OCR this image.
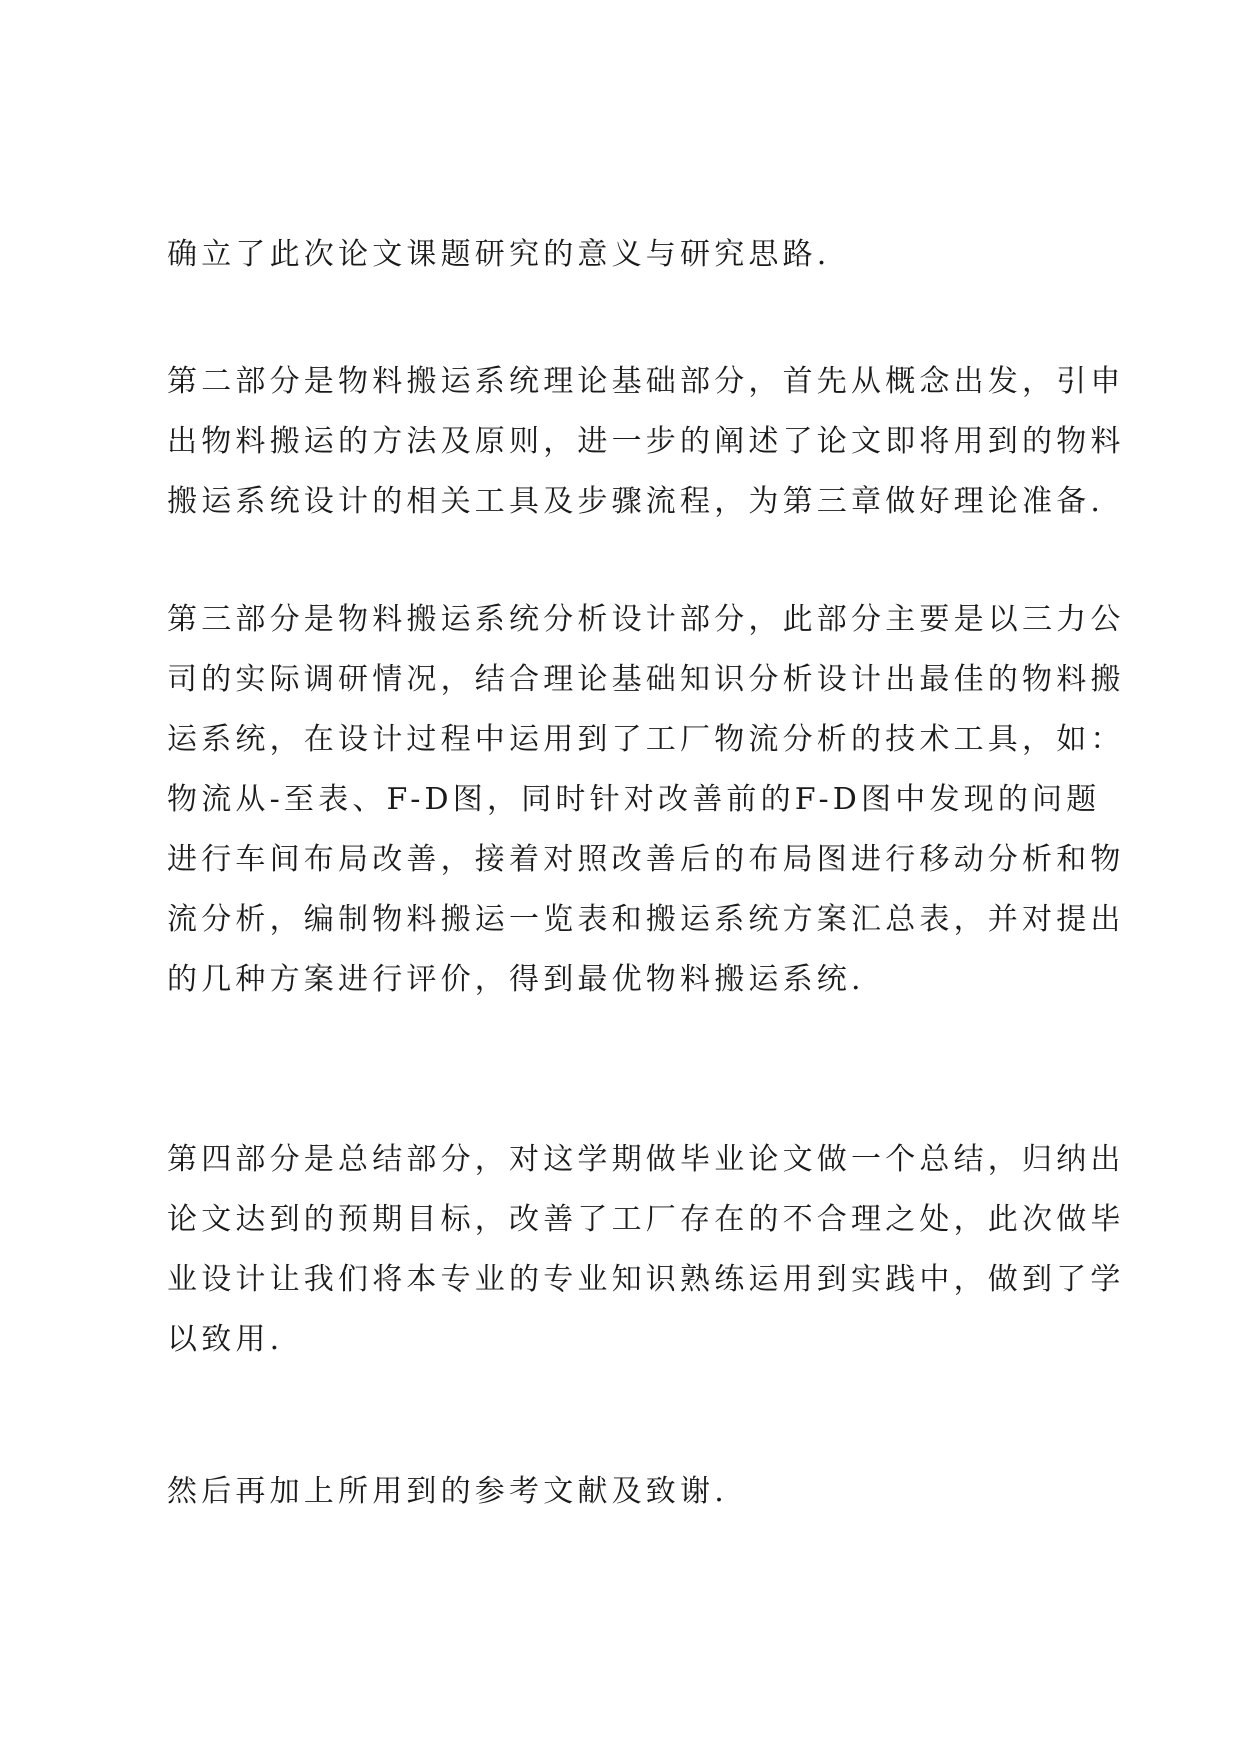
确立了此次论文课题研究的意义与研究思路.
第二部分是物料搬运系统理论基础部分，首先从概念出发，引申
出物料搬运的方法及原则，进一步的阐述了论文即将用到的物料
搬运系统设计的相关工具及步骤流程，为第三章做好理论准备.
第三部分是物料搬运系统分析设计部分，此部分主要是以三力公
司的实际调研情况，结合理论基础知识分析设计出最佳的物料搬
运系统，在设计过程中运用到了工厂物流分析的技术工具，如：
物流从-至表、F-D图，同时针对改善前的F-D图中发现的问题
进行车间布局改善，接着对照改善后的布局图进行移动分析和物
流分析，编制物料搬运一览表和搬运系统方案汇总表，并对提出
的几种方案进行评价，得到最优物料搬运系统.
第四部分是总结部分，对这学期做毕业论文做一个总结，归纳出
论文达到的预期目标，改善了工厂存在的不合理之处，此次做毕
业设计让我们将本专业的专业知识熟练运用到实践中，做到了学
以致用.
然后再加上所用到的参考文献及致谢.
